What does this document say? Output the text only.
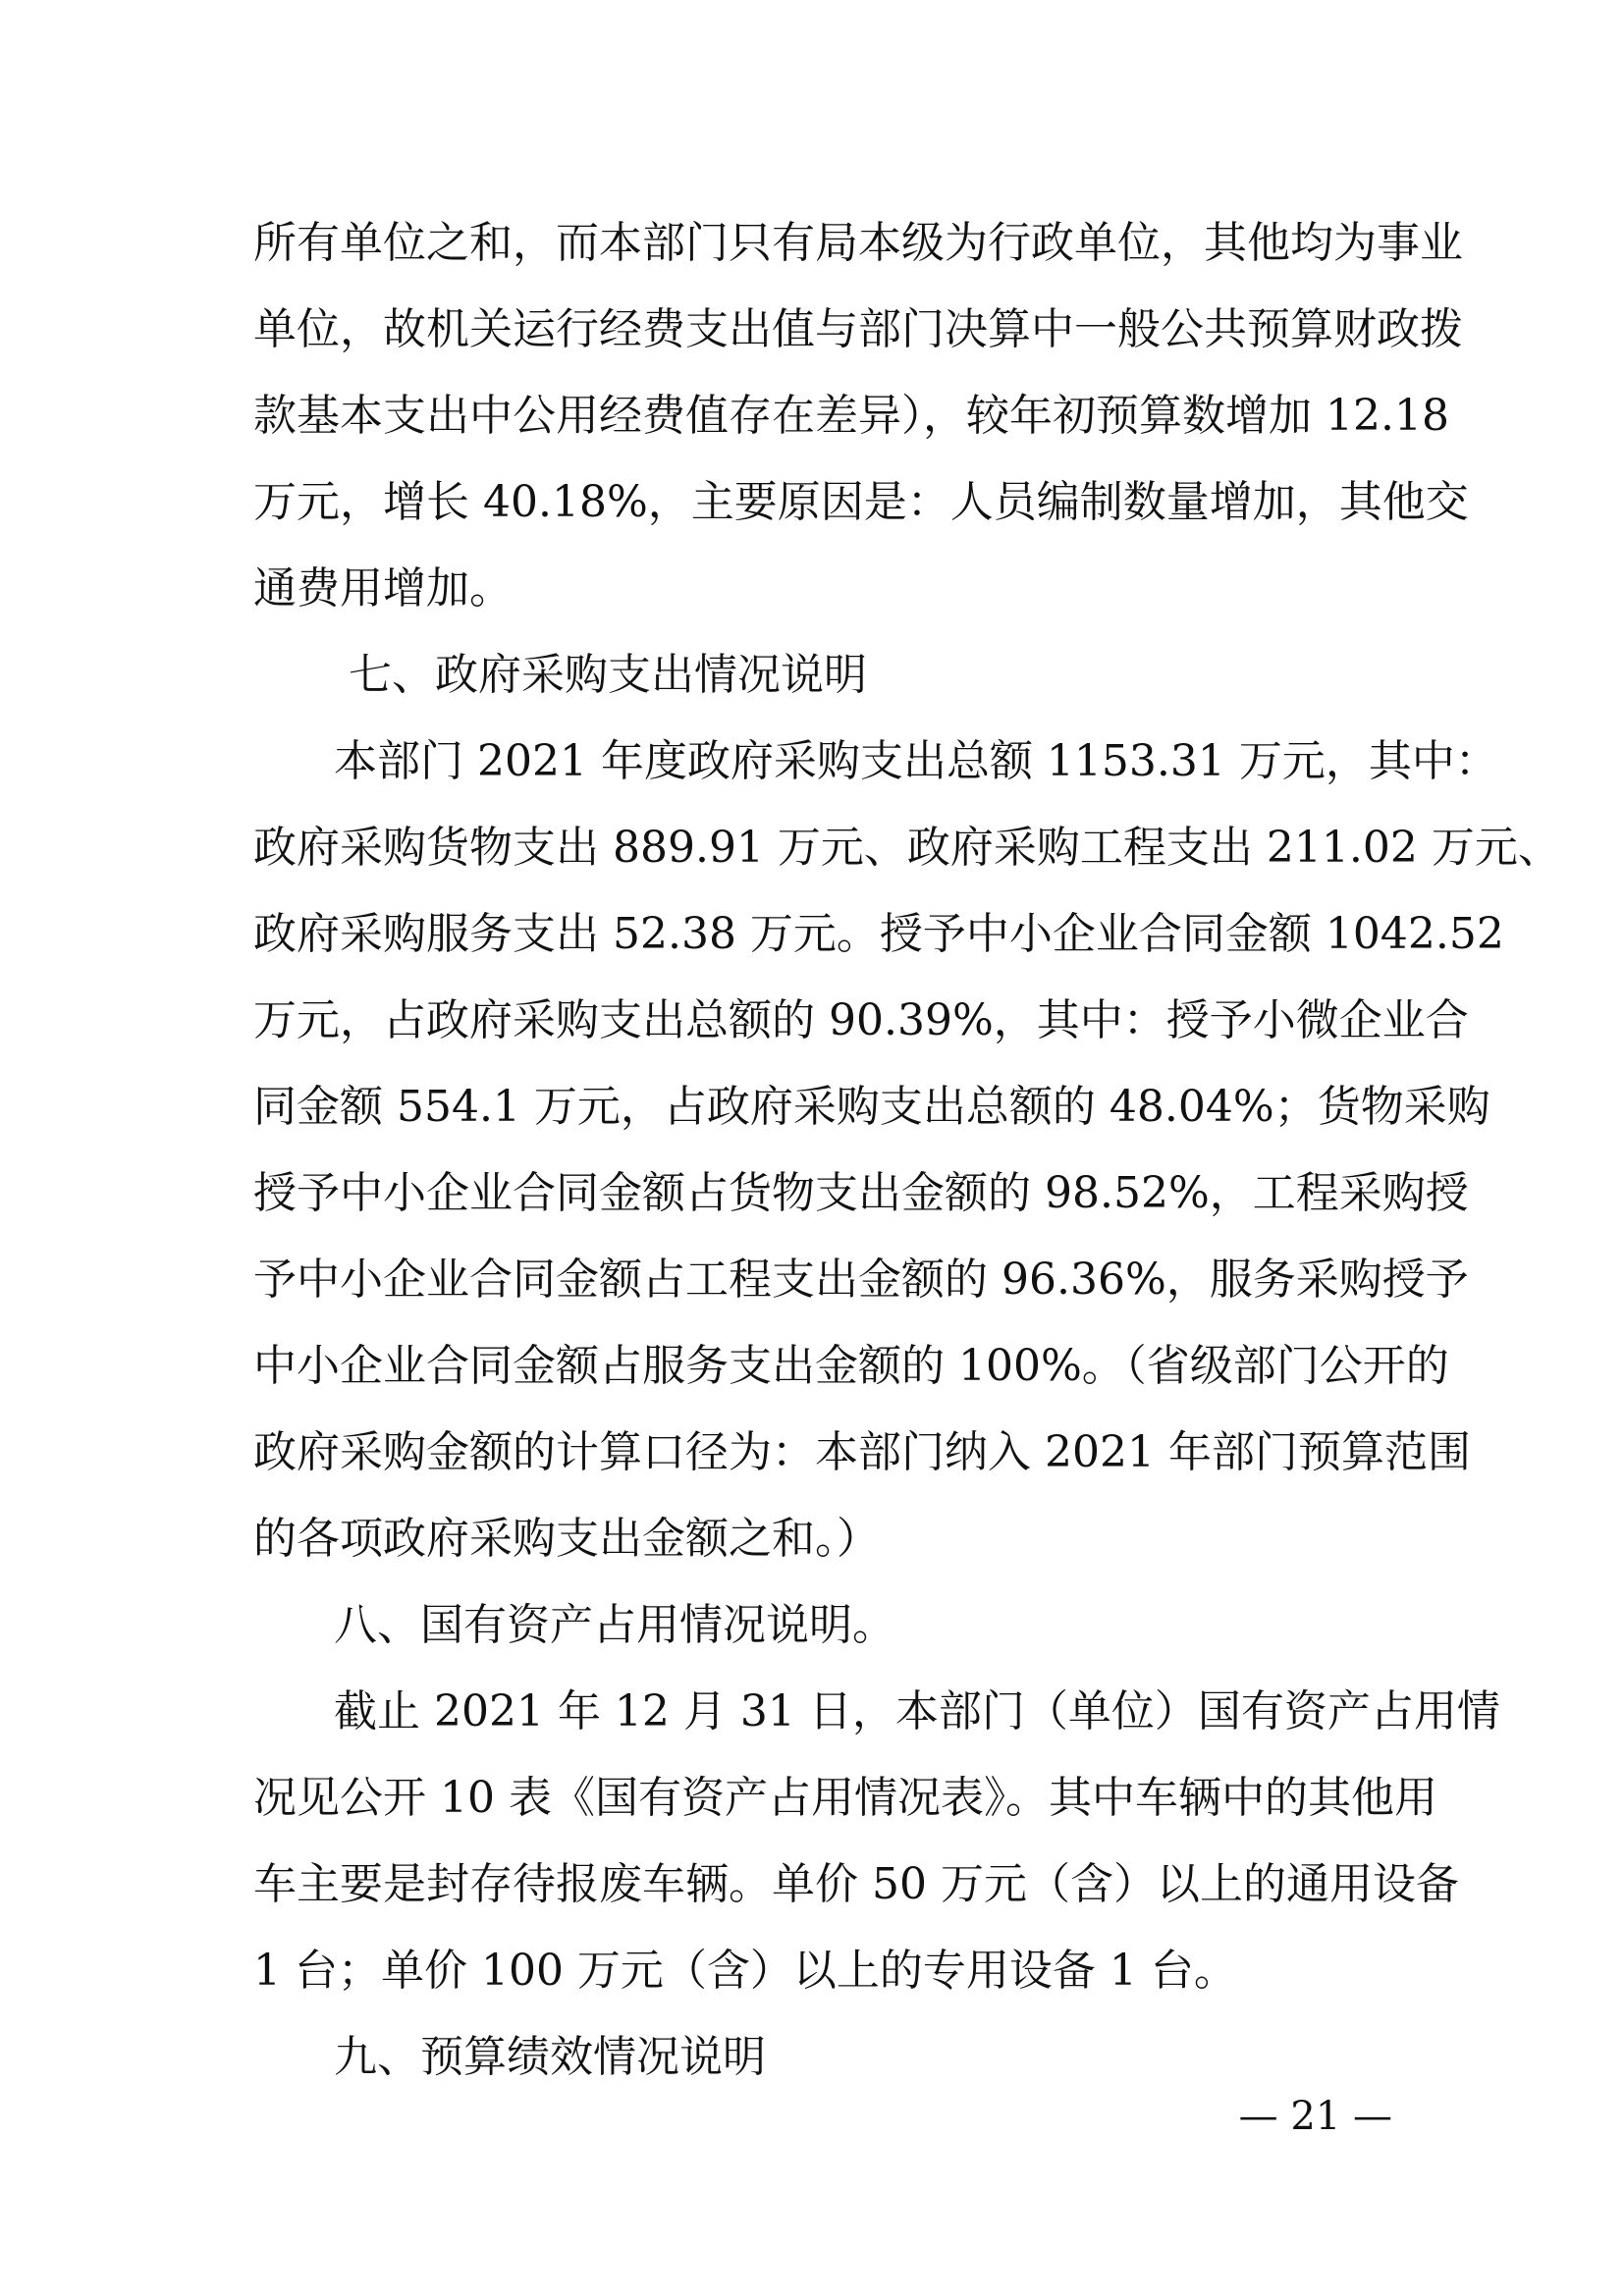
所有单位之和，而本部门只有局本级为行政单位，其他均为事业
单位，故机关运行经费支出值与部门决算中一般公共预算财政拨
款基本支出中公用经费值存在差异），较年初预算数增加 12.18
万元，增长 40.18%，主要原因是：人员编制数量增加，其他交
通费用增加。
七、政府采购支出情况说明
本部门 2021 年度政府采购支出总额 1153.31 万元，其中：
政府采购货物支出 889.91 万元、政府采购工程支出 211.02 万元、
政府采购服务支出 52.38 万元。授予中小企业合同金额 1042.52
万元，占政府采购支出总额的 90.39%，其中：授予小微企业合
同金额 554.1 万元，占政府采购支出总额的 48.04%；货物采购
授予中小企业合同金额占货物支出金额的 98.52%，工程采购授
予中小企业合同金额占工程支出金额的 96.36%，服务采购授予
中小企业合同金额占服务支出金额的 100%。（省级部门公开的
政府采购金额的计算口径为：本部门纳入 2021 年部门预算范围
的各项政府采购支出金额之和。）
八、国有资产占用情况说明。
截止 2021 年 12 月 31 日，本部门（单位）国有资产占用情
况见公开 10 表《国有资产占用情况表》。其中车辆中的其他用
车主要是封存待报废车辆。单价 50 万元（含）以上的通用设备
1 台；单价 100 万元（含）以上的专用设备 1 台。
九、预算绩效情况说明
— 21 —
